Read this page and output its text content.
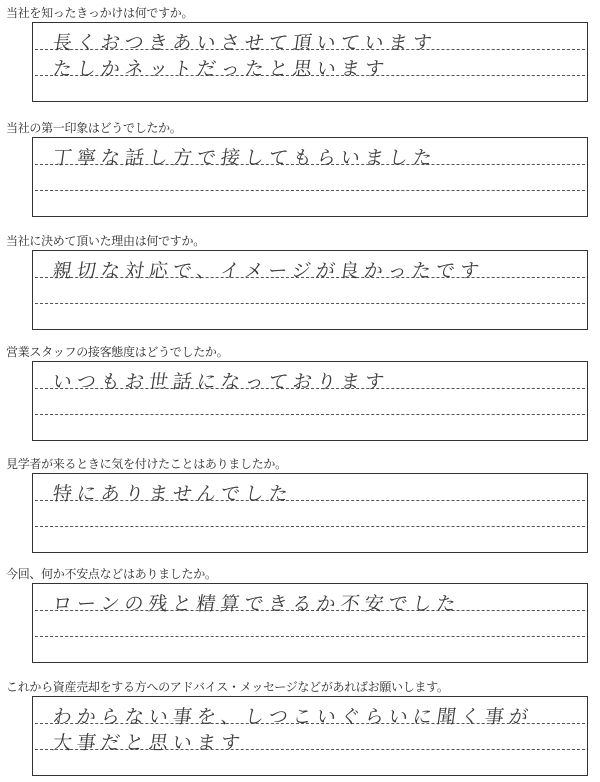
当社を知ったきっかけは何ですか。
長くおつきあいさせて頂いています
たしかネットだったと思います
当社の第一印象はどうでしたか。
丁寧な話し方で接してもらいました
当社に決めて頂いた理由は何ですか。
親切な対応で、イメージが良かったです
営業スタッフの接客態度はどうでしたか。
いつもお世話になっております
見学者が来るときに気を付けたことはありましたか。
特にありませんでした
今回、何か不安点などはありましたか。
ローンの残と精算できるか不安でした
これから資産売却をする方へのアドバイス・メッセージなどがあればお願いします。
わからない事を、しつこいぐらいに聞く事が
大事だと思います
